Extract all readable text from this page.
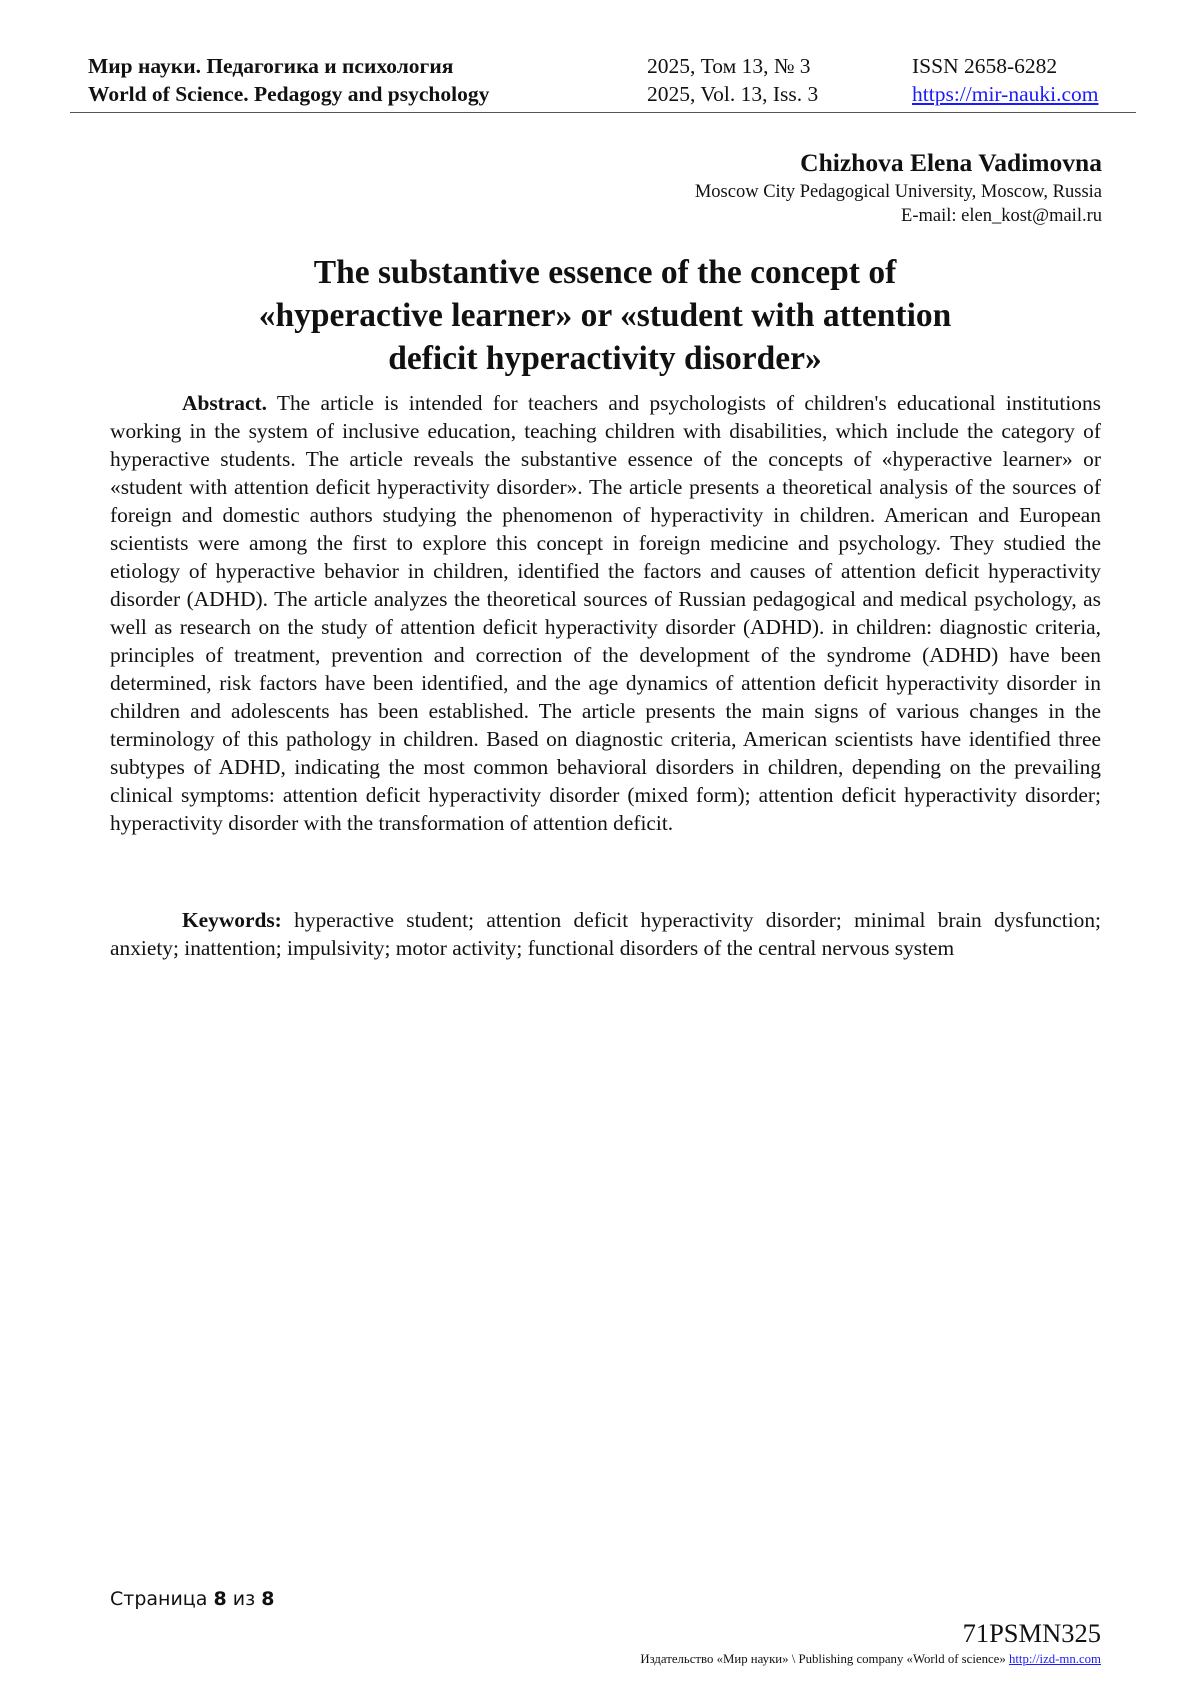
Мир науки. Педагогика и психология
World of Science. Pedagogy and psychology
2025, Том 13, № 3
2025, Vol. 13, Iss. 3
ISSN 2658-6282
https://mir-nauki.com
Chizhova Elena Vadimovna
Moscow City Pedagogical University, Moscow, Russia
E-mail: elen_kost@mail.ru
The substantive essence of the concept of
«hyperactive learner» or «student with attention
deficit hyperactivity disorder»

Abstract. The article is intended for teachers and psychologists of children's educational institutions working in the system of inclusive education, teaching children with disabilities, which include the category of hyperactive students. The article reveals the substantive essence of the concepts of «hyperactive learner» or «student with attention deficit hyperactivity disorder». The article presents a theoretical analysis of the sources of foreign and domestic authors studying the phenomenon of hyperactivity in children. American and European scientists were among the first to explore this concept in foreign medicine and psychology. They studied the etiology of hyperactive behavior in children, identified the factors and causes of attention deficit hyperactivity disorder (ADHD). The article analyzes the theoretical sources of Russian pedagogical and medical psychology, as well as research on the study of attention deficit hyperactivity disorder (ADHD). in children: diagnostic criteria, principles of treatment, prevention and correction of the development of the syndrome (ADHD) have been determined, risk factors have been identified, and the age dynamics of attention deficit hyperactivity disorder in children and adolescents has been established. The article presents the main signs of various changes in the terminology of this pathology in children. Based on diagnostic criteria, American scientists have identified three subtypes of ADHD, indicating the most common behavioral disorders in children, depending on the prevailing clinical symptoms: attention deficit hyperactivity disorder (mixed form); attention deficit hyperactivity disorder; hyperactivity disorder with the transformation of attention deficit.

Keywords: hyperactive student; attention deficit hyperactivity disorder; minimal brain dysfunction; anxiety; inattention; impulsivity; motor activity; functional disorders of the central nervous system

Страница 8 из 8
71PSMN325
Издательство «Мир науки» \ Publishing company «World of science» http://izd-mn.com
